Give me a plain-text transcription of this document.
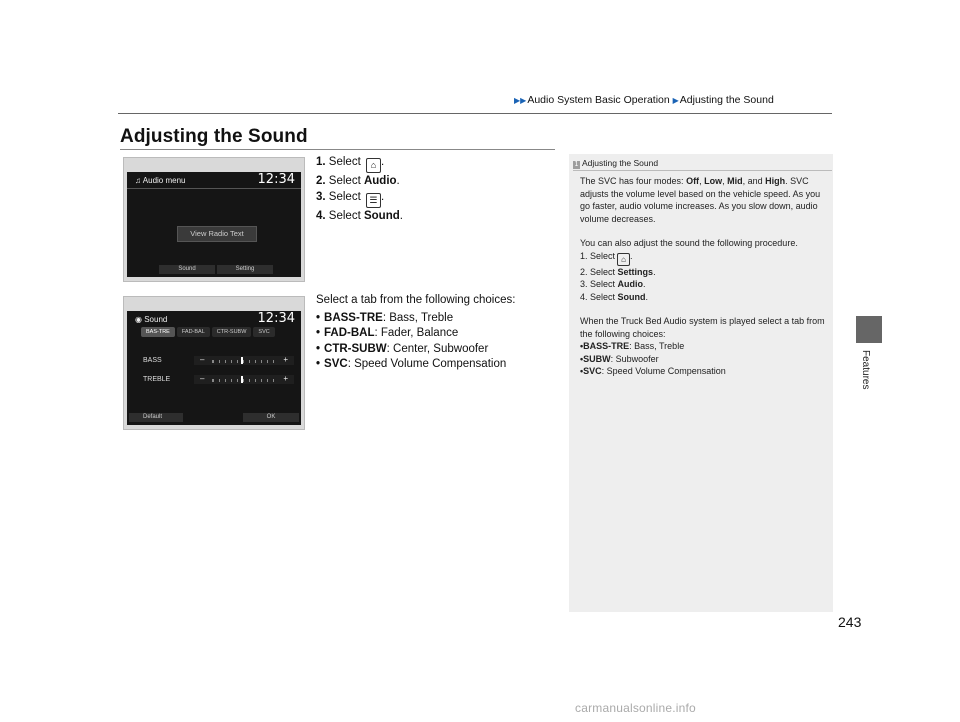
▶▶Audio System Basic Operation ▶Adjusting the Sound
Adjusting the Sound
Features
♫ Audio menu	12:34
View Radio Text
Sound	Setting
◉ Sound	12:34
BAS-TRE	FAD-BAL	CTR-SUBW	SVC
BASS	–	+
TREBLE	–	+
Default	OK
1. Select ⌂ .
2. Select Audio.
3. Select ☰ .
4. Select Sound.
Select a tab from the following choices:
• BASS-TRE: Bass, Treble
• FAD-BAL: Fader, Balance
• CTR-SUBW: Center, Subwoofer
• SVC: Speed Volume Compensation
1 Adjusting the Sound

The SVC has four modes: Off, Low, Mid, and High. SVC adjusts the volume level based on the vehicle speed. As you go faster, audio volume increases. As you slow down, audio volume decreases.

You can also adjust the sound the following procedure.

1. Select ⌂ .
2. Select Settings.
3. Select Audio.
4. Select Sound.

When the Truck Bed Audio system is played select a tab from the following choices:

• BASS-TRE: Bass, Treble
• SUBW: Subwoofer
• SVC: Speed Volume Compensation
243
carmanualsonline.info
